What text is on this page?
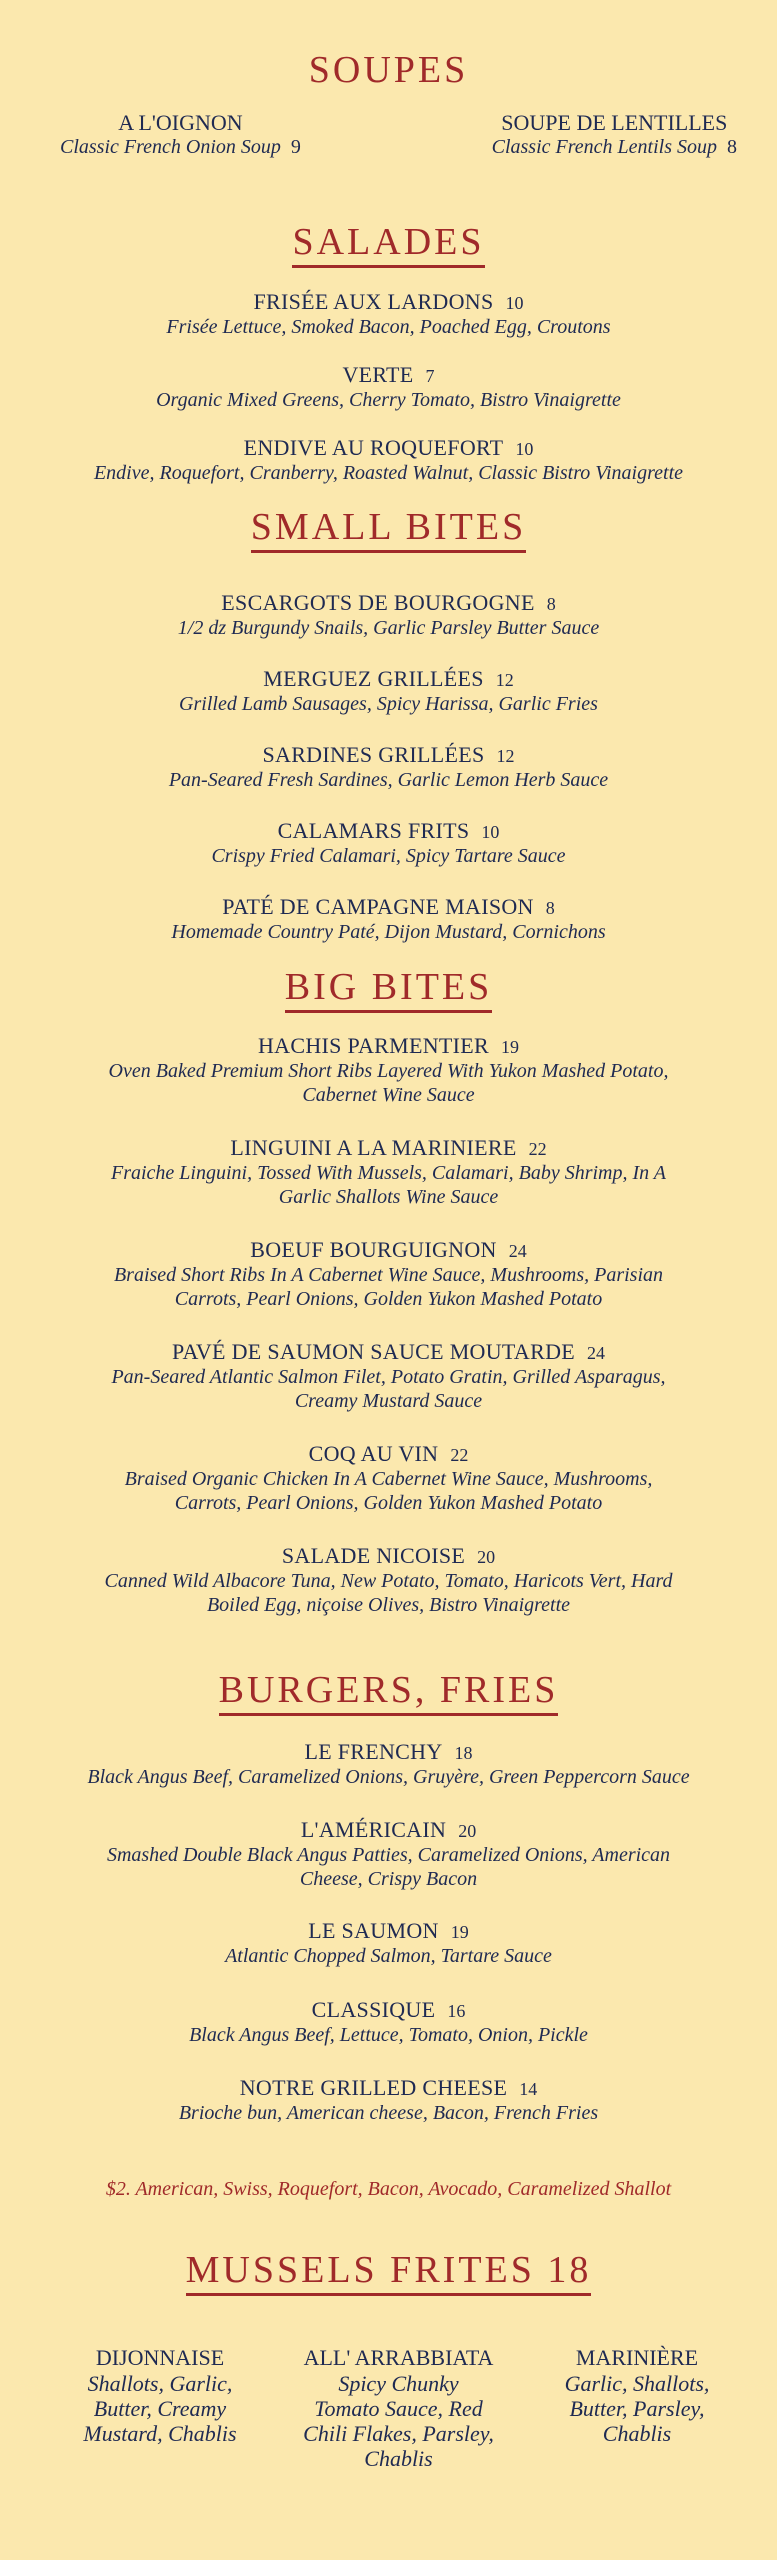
SOUPES
A L'OIGNON
Classic French Onion Soup 9
SOUPE DE LENTILLES
Classic French Lentils Soup 8
SALADES
FRISÉE AUX LARDONS 10
Frisée Lettuce, Smoked Bacon, Poached Egg, Croutons
VERTE 7
Organic Mixed Greens, Cherry Tomato, Bistro Vinaigrette
ENDIVE AU ROQUEFORT 10
Endive, Roquefort, Cranberry, Roasted Walnut, Classic Bistro Vinaigrette
SMALL BITES
ESCARGOTS DE BOURGOGNE 8
1/2 dz Burgundy Snails, Garlic Parsley Butter Sauce
MERGUEZ GRILLÉES 12
Grilled Lamb Sausages, Spicy Harissa, Garlic Fries
SARDINES GRILLÉES 12
Pan-Seared Fresh Sardines, Garlic Lemon Herb Sauce
CALAMARS FRITS 10
Crispy Fried Calamari, Spicy Tartare Sauce
PATÉ DE CAMPAGNE MAISON 8
Homemade Country Paté, Dijon Mustard, Cornichons
BIG BITES
HACHIS PARMENTIER 19
Oven Baked Premium Short Ribs Layered With Yukon Mashed Potato,
Cabernet Wine Sauce
LINGUINI A LA MARINIERE 22
Fraiche Linguini, Tossed With Mussels, Calamari, Baby Shrimp, In A
Garlic Shallots Wine Sauce
BOEUF BOURGUIGNON 24
Braised Short Ribs In A Cabernet Wine Sauce, Mushrooms, Parisian
Carrots, Pearl Onions, Golden Yukon Mashed Potato
PAVÉ DE SAUMON SAUCE MOUTARDE 24
Pan-Seared Atlantic Salmon Filet, Potato Gratin, Grilled Asparagus,
Creamy Mustard Sauce
COQ AU VIN 22
Braised Organic Chicken In A Cabernet Wine Sauce, Mushrooms,
Carrots, Pearl Onions, Golden Yukon Mashed Potato
SALADE NICOISE 20
Canned Wild Albacore Tuna, New Potato, Tomato, Haricots Vert, Hard
Boiled Egg, niçoise Olives, Bistro Vinaigrette
BURGERS, FRIES
LE FRENCHY 18
Black Angus Beef, Caramelized Onions, Gruyère, Green Peppercorn Sauce
L'AMÉRICAIN 20
Smashed Double Black Angus Patties, Caramelized Onions, American
Cheese, Crispy Bacon
LE SAUMON 19
Atlantic Chopped Salmon, Tartare Sauce
CLASSIQUE 16
Black Angus Beef, Lettuce, Tomato, Onion, Pickle
NOTRE GRILLED CHEESE 14
Brioche bun, American cheese, Bacon, French Fries
$2. American, Swiss, Roquefort, Bacon, Avocado, Caramelized Shallot
MUSSELS FRITES 18
DIJONNAISE
Shallots, Garlic,
Butter, Creamy
Mustard, Chablis
ALL' ARRABBIATA
Spicy Chunky
Tomato Sauce, Red
Chili Flakes, Parsley,
Chablis
MARINIÈRE
Garlic, Shallots,
Butter, Parsley,
Chablis
